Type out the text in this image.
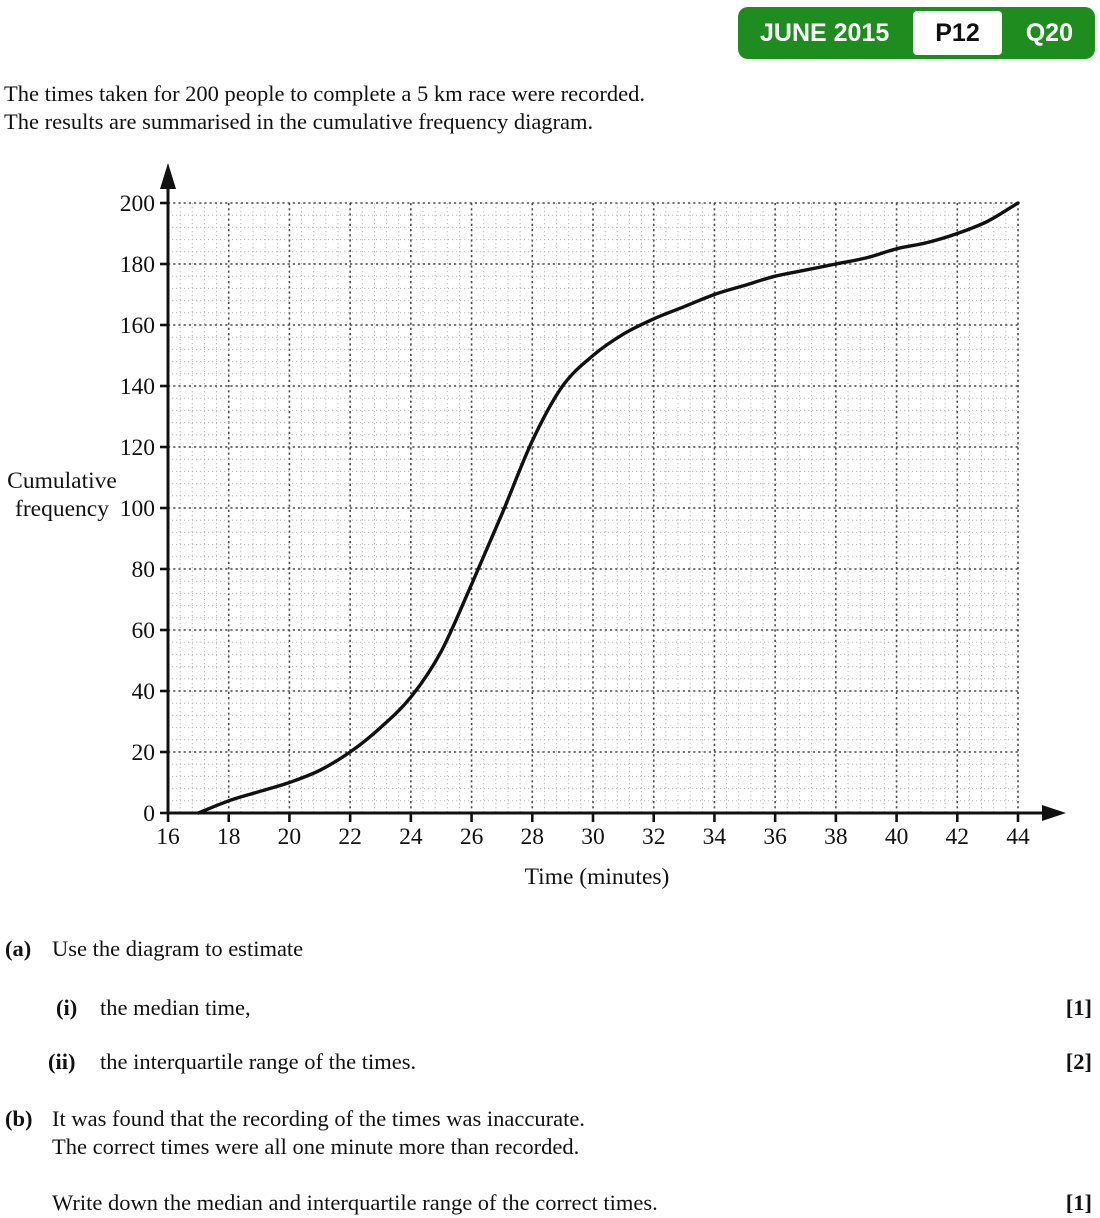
16 18 20 22 24 26 28 30 32 34 36 38 40 42 44
0
20
40
60
80
100
120
140
160
180
200
Time (minutes)
Cumulative
frequency
JUNE 2015	P12	Q20
The times taken for 200 people to complete a 5 km race were recorded.
The results are summarised in the cumulative frequency diagram.
(a) Use the diagram to estimate
(i) the median time,	[1]
(ii) the interquartile range of the times.	[2]
(b) It was found that the recording of the times was inaccurate.
The correct times were all one minute more than recorded.
Write down the median and interquartile range of the correct times.	[1]
